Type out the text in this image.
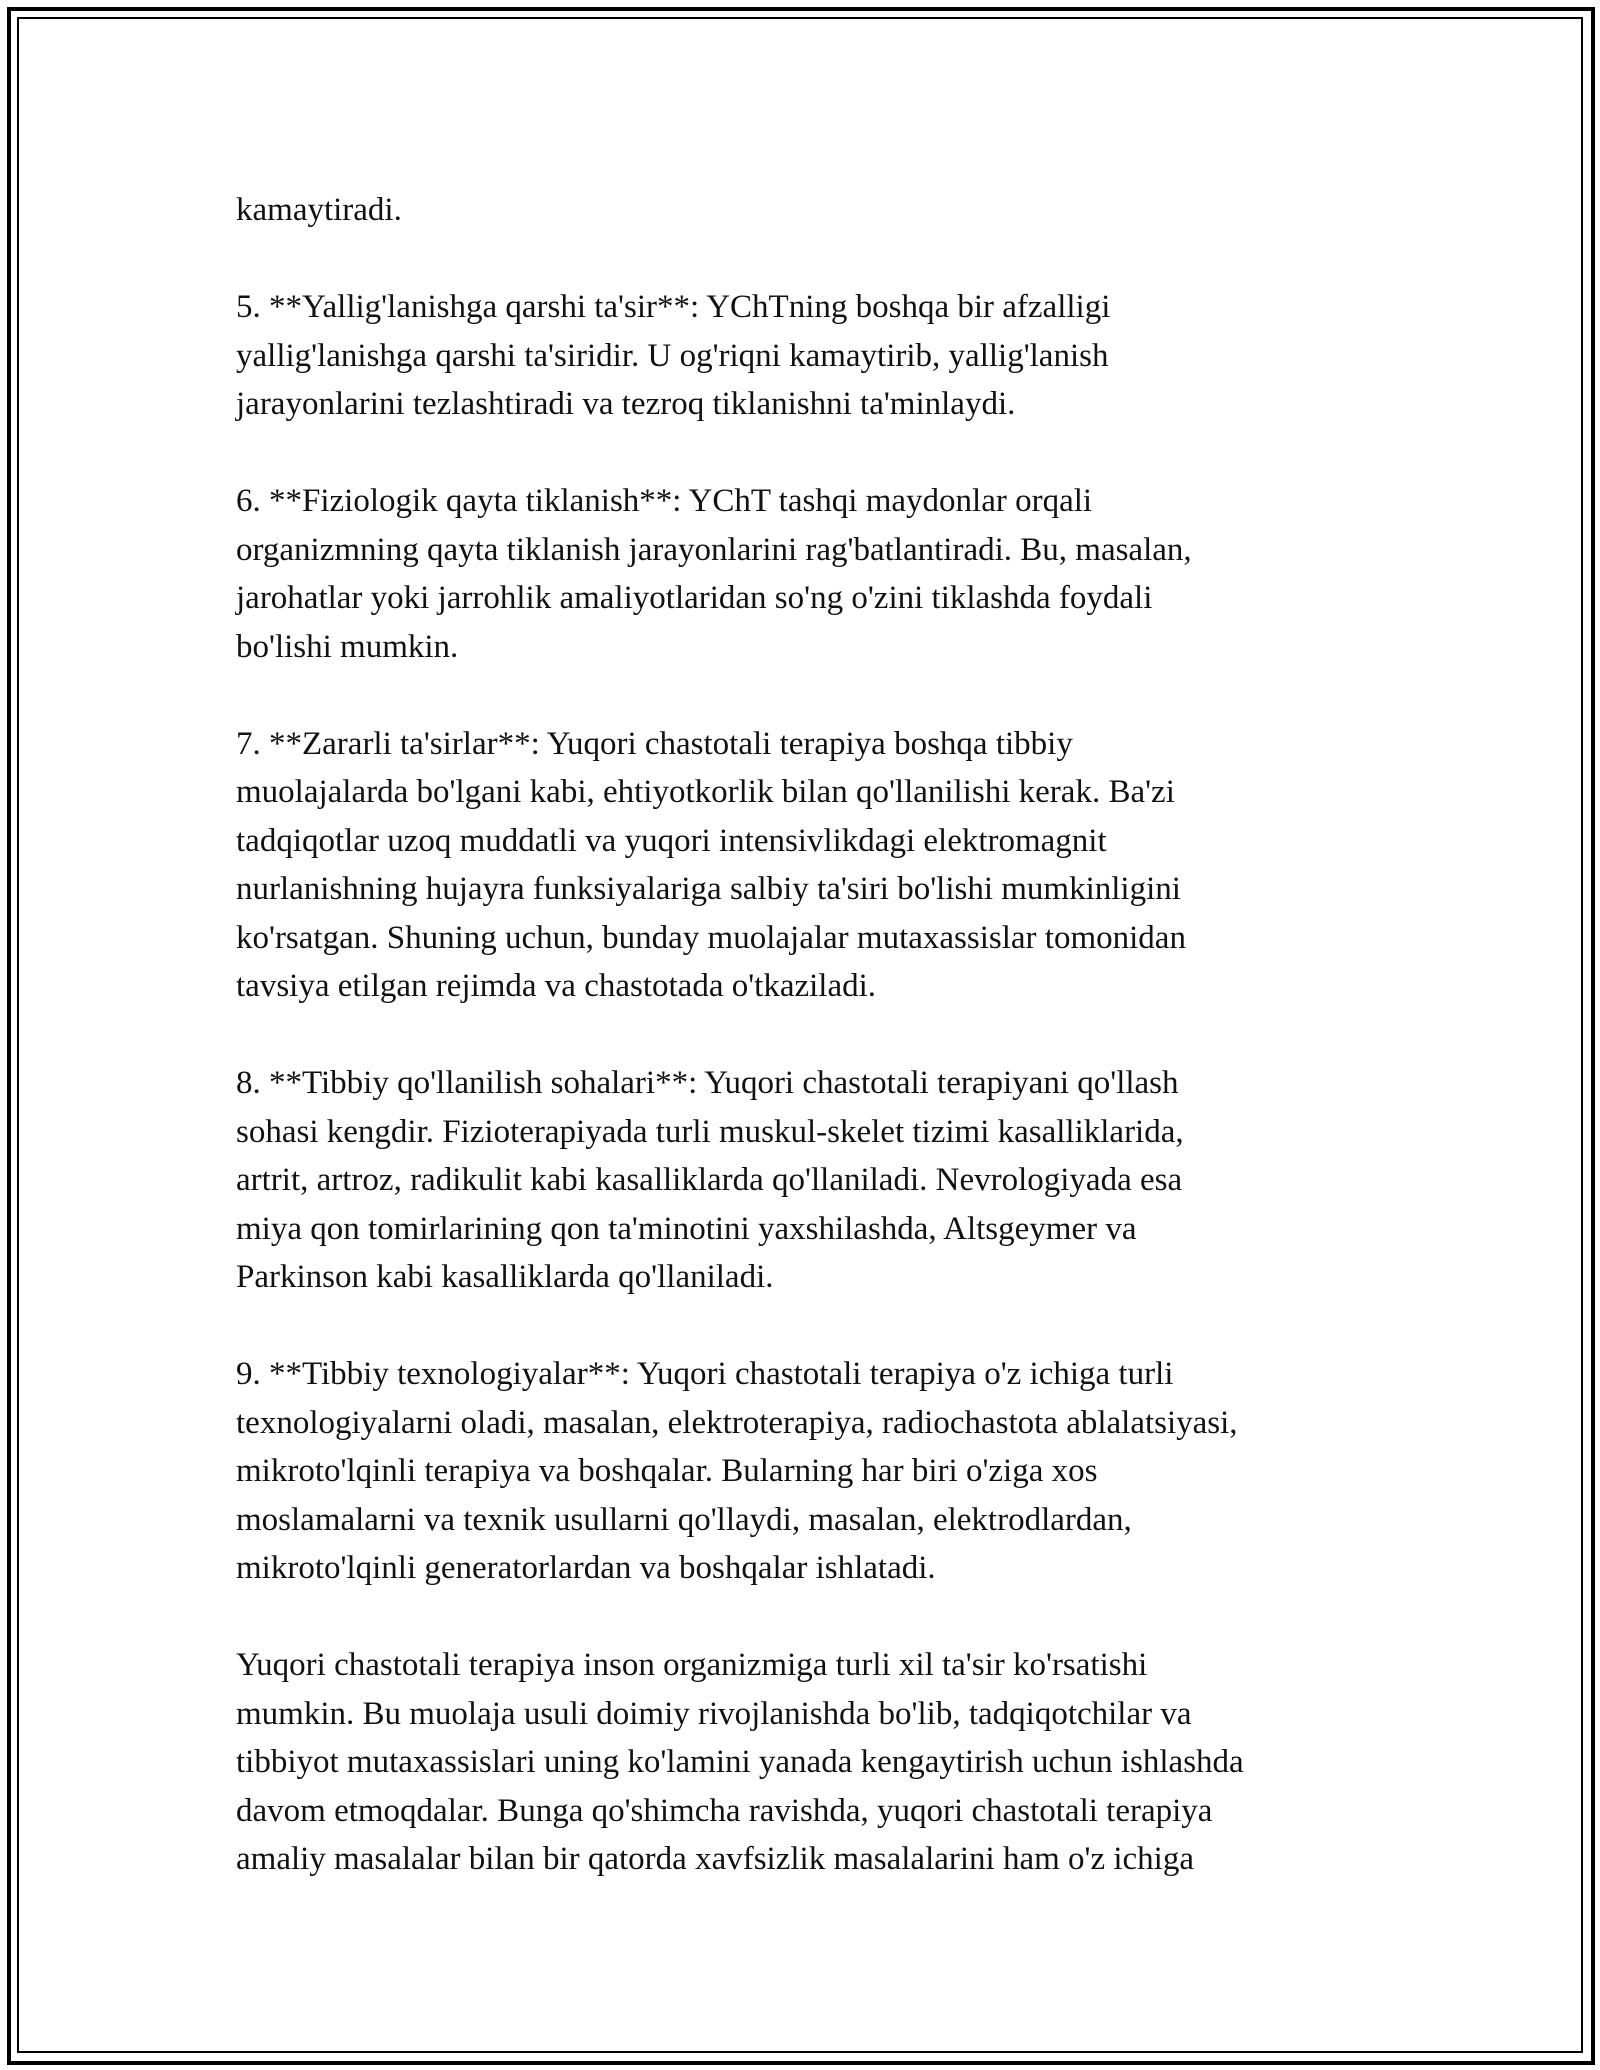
kamaytiradi.

5. **Yallig'lanishga qarshi ta'sir**: YChTning boshqa bir afzalligi
yallig'lanishga qarshi ta'siridir. U og'riqni kamaytirib, yallig'lanish
jarayonlarini tezlashtiradi va tezroq tiklanishni ta'minlaydi.

6. **Fiziologik qayta tiklanish**: YChT tashqi maydonlar orqali
organizmning qayta tiklanish jarayonlarini rag'batlantiradi. Bu, masalan,
jarohatlar yoki jarrohlik amaliyotlaridan so'ng o'zini tiklashda foydali
bo'lishi mumkin.

7. **Zararli ta'sirlar**: Yuqori chastotali terapiya boshqa tibbiy
muolajalarda bo'lgani kabi, ehtiyotkorlik bilan qo'llanilishi kerak. Ba'zi
tadqiqotlar uzoq muddatli va yuqori intensivlikdagi elektromagnit
nurlanishning hujayra funksiyalariga salbiy ta'siri bo'lishi mumkinligini
ko'rsatgan. Shuning uchun, bunday muolajalar mutaxassislar tomonidan
tavsiya etilgan rejimda va chastotada o'tkaziladi.

8. **Tibbiy qo'llanilish sohalari**: Yuqori chastotali terapiyani qo'llash
sohasi kengdir. Fizioterapiyada turli muskul-skelet tizimi kasalliklarida,
artrit, artroz, radikulit kabi kasalliklarda qo'llaniladi. Nevrologiyada esa
miya qon tomirlarining qon ta'minotini yaxshilashda, Altsgeymer va
Parkinson kabi kasalliklarda qo'llaniladi.

9. **Tibbiy texnologiyalar**: Yuqori chastotali terapiya o'z ichiga turli
texnologiyalarni oladi, masalan, elektroterapiya, radiochastota ablalatsiyasi,
mikroto'lqinli terapiya va boshqalar. Bularning har biri o'ziga xos
moslamalarni va texnik usullarni qo'llaydi, masalan, elektrodlardan,
mikroto'lqinli generatorlardan va boshqalar ishlatadi.

Yuqori chastotali terapiya inson organizmiga turli xil ta'sir ko'rsatishi
mumkin. Bu muolaja usuli doimiy rivojlanishda bo'lib, tadqiqotchilar va
tibbiyot mutaxassislari uning ko'lamini yanada kengaytirish uchun ishlashda
davom etmoqdalar. Bunga qo'shimcha ravishda, yuqori chastotali terapiya
amaliy masalalar bilan bir qatorda xavfsizlik masalalarini ham o'z ichiga
